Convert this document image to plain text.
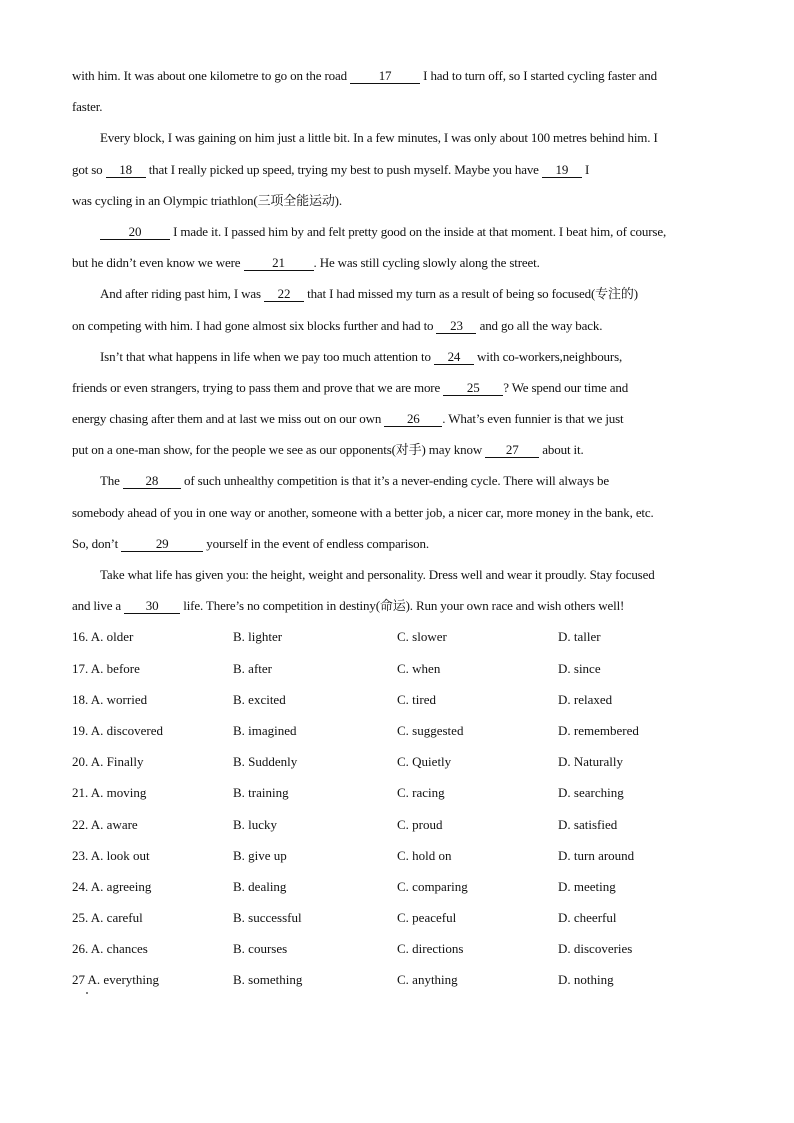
with him. It was about one kilometre to go on the road 17 I had to turn off, so I started cycling faster and
faster.
Every block, I was gaining on him just a little bit. In a few minutes, I was only about 100 metres behind him. I
got so 18 that I really picked up speed, trying my best to push myself. Maybe you have 19 I
was cycling in an Olympic triathlon(三项全能运动).
20 I made it. I passed him by and felt pretty good on the inside at that moment. I beat him, of course,
but he didn’t even know we were 21 . He was still cycling slowly along the street.
And after riding past him, I was 22 that I had missed my turn as a result of being so focused(专注的)
on competing with him. I had gone almost six blocks further and had to 23 and go all the way back.
Isn’t that what happens in life when we pay too much attention to 24 with co-workers,neighbours,
friends or even strangers, trying to pass them and prove that we are more 25 ? We spend our time and
energy chasing after them and at last we miss out on our own 26 . What’s even funnier is that we just
put on a one-man show, for the people we see as our opponents(对手) may know 27 about it.
The 28 of such unhealthy competition is that it’s a never-ending cycle. There will always be
somebody ahead of you in one way or another, someone with a better job, a nicer car, more money in the bank, etc.
So, don’t	29	yourself in the event of endless comparison.
Take what life has given you: the height, weight and personality. Dress well and wear it proudly. Stay focused
and live a 30 life. There’s no competition in destiny(命运). Run your own race and wish others well!
16. A. older	B. lighter	C. slower	D. taller
17. A. before	B. after	C. when	D. since
18. A. worried	B. excited	C. tired	D. relaxed
19. A. discovered	B. imagined	C. suggested	D. remembered
20. A. Finally	B. Suddenly	C. Quietly	D. Naturally
21. A. moving	B. training	C. racing	D. searching
22. A. aware	B. lucky	C. proud	D. satisfied
23. A. look out	B. give up	C. hold on	D. turn around
24. A. agreeing	B. dealing	C. comparing	D. meeting
25. A. careful	B. successful	C. peaceful	D. cheerful
26. A. chances	B. courses	C. directions	D. discoveries
27 A. everything	B. something	C. anything	D. nothing
